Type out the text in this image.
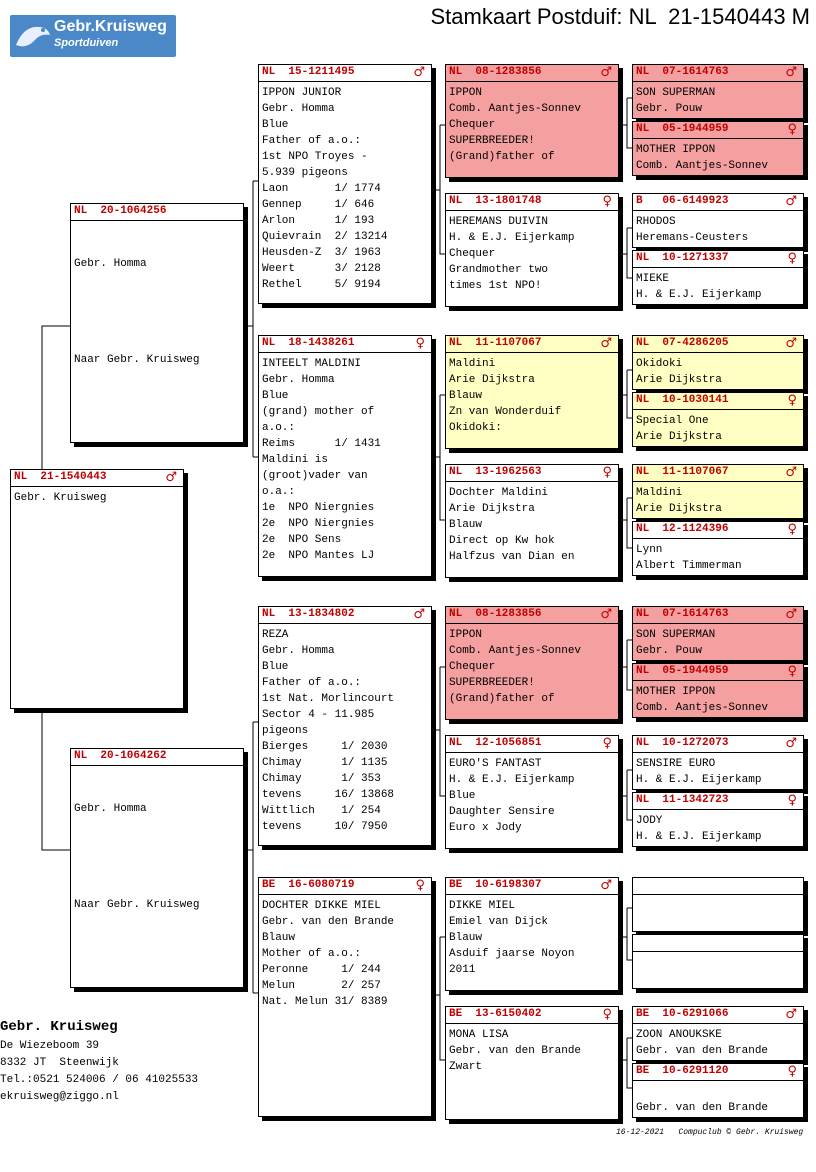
Gebr.Kruisweg
Sportduiven
Stamkaart Postduif: NL  21-1540443 M
NL  21-1540443	♂
Gebr. Kruisweg
NL  20-1064256

Gebr. Homma

Naar Gebr. Kruisweg

NL  20-1064262

Gebr. Homma

Naar Gebr. Kruisweg

NL  15-1211495	♂
IPPON JUNIOR
Gebr. Homma
Blue
Father of a.o.:
1st NPO Troyes -
5.939 pigeons
Laon       1/ 1774
Gennep     1/ 646
Arlon      1/ 193
Quievrain  2/ 13214
Heusden-Z  3/ 1963
Weert      3/ 2128
Rethel     5/ 9194
NL  18-1438261	♀
INTEELT MALDINI
Gebr. Homma
Blue
(grand) mother of
a.o.:
Reims      1/ 1431
Maldini is
(groot)vader van
o.a.:
1e  NPO Niergnies
2e  NPO Niergnies
2e  NPO Sens
2e  NPO Mantes LJ
NL  13-1834802	♂
REZA
Gebr. Homma
Blue
Father of a.o.:
1st Nat. Morlincourt
Sector 4 - 11.985
pigeons
Bierges     1/ 2030
Chimay      1/ 1135
Chimay      1/ 353
tevens     16/ 13868
Wittlich    1/ 254
tevens     10/ 7950
BE  16-6080719	♀
DOCHTER DIKKE MIEL
Gebr. van den Brande
Blauw
Mother of a.o.:
Peronne     1/ 244
Melun       2/ 257
Nat. Melun 31/ 8389
NL  08-1283856	♂
IPPON
Comb. Aantjes-Sonnev
Chequer
SUPERBREEDER!
(Grand)father of
NL  13-1801748	♀
HEREMANS DUIVIN
H. & E.J. Eijerkamp
Chequer
Grandmother two
times 1st NPO!
NL  11-1107067	♂
Maldini
Arie Dijkstra
Blauw
Zn van Wonderduif
Okidoki:
NL  13-1962563	♀
Dochter Maldini
Arie Dijkstra
Blauw
Direct op Kw hok
Halfzus van Dian en
NL  08-1283856	♂
IPPON
Comb. Aantjes-Sonnev
Chequer
SUPERBREEDER!
(Grand)father of
NL  12-1056851	♀
EURO'S FANTAST
H. & E.J. Eijerkamp
Blue
Daughter Sensire
Euro x Jody
BE  10-6198307	♂
DIKKE MIEL
Emiel van Dijck
Blauw
Asduif jaarse Noyon
2011
BE  13-6150402	♀
MONA LISA
Gebr. van den Brande
Zwart
NL  07-1614763	♂
SON SUPERMAN
Gebr. Pouw
NL  05-1944959	♀
MOTHER IPPON
Comb. Aantjes-Sonnev
B   06-6149923	♂
RHODOS
Heremans-Ceusters
NL  10-1271337	♀
MIEKE
H. & E.J. Eijerkamp
NL  07-4286205	♂
Okidoki
Arie Dijkstra
NL  10-1030141	♀
Special One
Arie Dijkstra
NL  11-1107067	♂
Maldini
Arie Dijkstra
NL  12-1124396	♀
Lynn
Albert Timmerman
NL  07-1614763	♂
SON SUPERMAN
Gebr. Pouw
NL  05-1944959	♀
MOTHER IPPON
Comb. Aantjes-Sonnev
NL  10-1272073	♂
SENSIRE EURO
H. & E.J. Eijerkamp
NL  11-1342723	♀
JODY
H. & E.J. Eijerkamp
BE  10-6291066	♂
ZOON ANOUKSKE
Gebr. van den Brande
BE  10-6291120	♀

Gebr. van den Brande
Gebr. Kruisweg
De Wiezeboom 39
8332 JT  Steenwijk
Tel.:0521 524006 / 06 41025533
ekruisweg@ziggo.nl
16-12-2021   Compuclub © Gebr. Kruisweg
